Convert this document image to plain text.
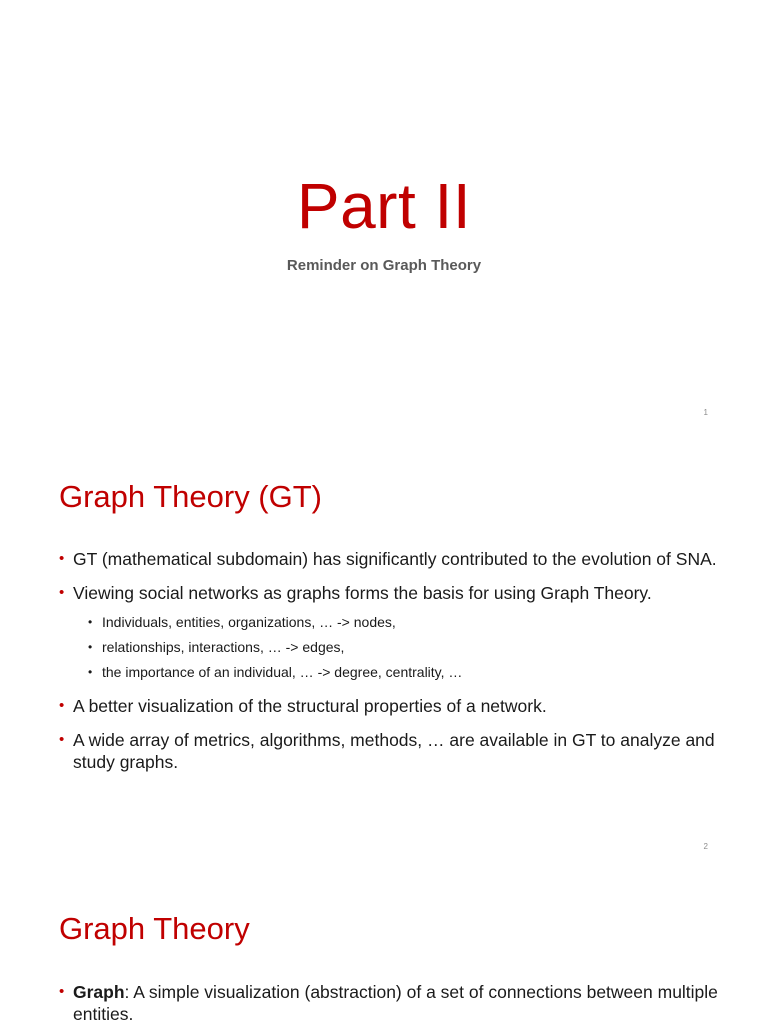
Part II
Reminder on Graph Theory
1
Graph Theory (GT)
• GT (mathematical subdomain) has significantly contributed to the evolution of SNA.
• Viewing social networks as graphs forms the basis for using Graph Theory.
• Individuals, entities, organizations, … -> nodes,
• relationships, interactions, … -> edges,
• the importance of an individual, … -> degree, centrality, …
• A better visualization of the structural properties of a network.
• A wide array of metrics, algorithms, methods, … are available in GT to analyze and study graphs.
2
Graph Theory
• Graph: A simple visualization (abstraction) of a set of connections between multiple entities.
